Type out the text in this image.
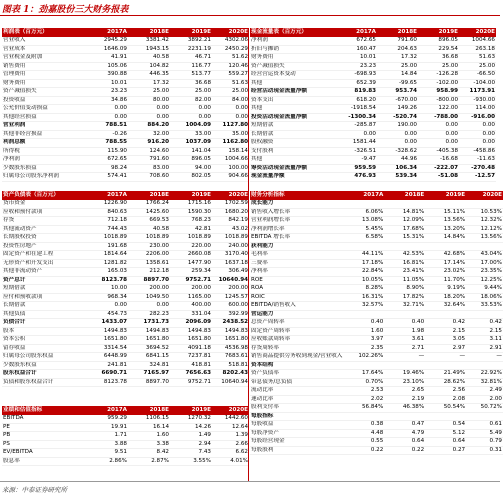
图表 1：劲嘉股份三大财务报表
利润表（百万元）	2017A	2018E	2019E	2020E
营业收入	2945.29	3381.42	3892.21	4302.06
营业成本	1646.09	1943.15	2231.19	2450.29
营业税金及附加	41.91	40.58	46.71	51.62
销售费用	105.06	104.82	116.77	120.46
管理费用	390.88	446.35	513.77	559.27
财务费用	10.01	17.32	36.68	51.63
资产减值损失	23.23	25.00	25.00	25.00
投资收益	34.86	80.00	82.00	84.00
公允价值变动损益	0.00	0.00	0.00	0.00
其他经营损益	0.00	0.00	0.00	0.00
营业利润	788.51	884.20	1004.09	1127.80
其他非经营损益	-0.26	32.00	33.00	35.00
利润总额	788.55	916.20	1037.09	1162.80
所得税	115.90	124.60	141.04	158.14
净利润	672.65	791.60	896.05	1004.66
少数股东损益	98.24	83.00	94.00	100.00
归属母公司股东净利润	574.41	708.60	802.05	904.66
现金流量表（百万元）	2017A	2018E	2019E	2020E
净利润	672.65	791.60	896.05	1004.66
折旧与摊销	160.47	204.63	229.54	263.18
财务费用	10.01	17.32	36.68	51.63
资产减值损失	23.23	25.00	25.00	25.00
经营营运资本变动	-698.93	14.84	-126.28	-66.50
其他	652.39	-99.65	-102.00	-104.00
经营活动现金流量净额	819.83	953.74	958.99	1173.91
资本支出	618.20	-670.00	-800.00	-930.00
其他	-1918.54	149.26	122.00	114.00
投资活动现金流量净额	-1300.34	-520.74	-788.00	-916.00
短期借款	-285.87	190.00	0.00	0.00
长期借款	0.00	0.00	0.00	0.00
股权融资	1581.44	0.00	0.00	0.00
支付股利	-326.51	-328.62	-405.38	-458.86
其他	-9.47	44.96	-16.68	-11.63
筹资活动现金流量净额	959.59	106.34	-222.07	-270.48
现金流量净额	476.93	539.34	-51.08	-12.57
资产负债表（百万元）	2017A	2018E	2019E	2020E
货币资金	1226.90	1766.24	1715.16	1702.59
应收和预付款项	840.63	1425.60	1590.30	1680.20
存货	712.18	669.53	768.23	842.19
其他流动资产	744.43	40.58	42.81	43.02
长期股权投资	1018.89	1018.89	1018.89	1018.89
投资性房地产	191.68	230.00	220.00	240.00
固定资产和在建工程	1814.64	2206.00	2660.08	3170.40
无形资产和开发支出	1281.82	1358.61	1477.90	1637.18
其他非流动资产	165.03	212.18	259.34	306.49
资产总计	8123.78	8897.70	9752.71	10640.94
短期借款	10.00	200.00	200.00	200.00
应付和预收款项	968.34	1049.50	1165.00	1245.57
长期借款	0.00	0.00	400.00	600.00
其他负债	454.73	282.23	331.04	392.99
负债合计	1433.07	1731.73	2096.09	2438.52
股本	1494.83	1494.83	1494.83	1494.83
资本公积	1651.80	1651.80	1651.80	1651.80
留存收益	3314.54	3694.52	4091.18	4536.98
归属母公司股东权益	6448.99	6841.15	7237.81	7683.61
少数股东权益	241.81	324.81	418.81	518.81
股东权益合计	6690.71	7165.97	7656.63	8202.43
负债和股东权益合计	8123.78	8897.70	9752.71	10640.94
财务分析指标	2017A	2018E	2019E	2020E
成长能力				
销售收入增长率	6.06%	14.81%	15.11%	10.53%
营业利润增长率	13.08%	12.09%	13.56%	12.32%
净利润增长率	5.45%	17.68%	13.20%	12.12%
EBITDA 增长率	6.58%	15.31%	14.84%	13.56%
获利能力				
毛利率	44.11%	42.53%	42.68%	43.04%
三费率	17.18%	16.81%	17.14%	17.00%
净利率	22.84%	23.41%	23.02%	23.35%
ROE	10.05%	11.05%	11.70%	12.25%
ROA	8.28%	8.90%	9.19%	9.44%
ROIC	16.31%	17.82%	18.20%	18.06%
EBITDA/销售收入	32.57%	32.71%	32.64%	33.53%
营运能力				
总资产周转率	0.40	0.40	0.42	0.42
固定资产周转率	1.60	1.98	2.15	2.15
应收账款周转率	3.97	3.61	3.05	3.11
存货周转率	2.35	2.71	2.97	2.91
销售商品提供劳务收到现金/营业收入	102.26%	—	—	—
资本结构				
资产负债率	17.64%	19.46%	21.49%	22.92%
带息债务/总负债	0.70%	23.10%	28.62%	32.81%
流动比率	2.53	2.65	2.56	2.49
速动比率	2.02	2.19	2.08	2.00
股利支付率	56.84%	46.38%	50.54%	50.72%
每股指标				
每股收益	0.38	0.47	0.54	0.61
每股净资产	4.48	4.79	5.12	5.49
每股经营现金	0.55	0.64	0.64	0.79
每股股利	0.22	0.22	0.27	0.31
业绩和估值指标	2017A	2018E	2019E	2020E
EBITDA	959.29	1106.15	1270.32	1442.60
PE	19.91	16.14	14.26	12.64
PB	1.71	1.60	1.49	1.39
PS	3.88	3.38	2.94	2.66
EV/EBITDA	9.51	8.42	7.43	6.62
股息率	2.86%	2.87%	3.55%	4.01%
来源：中泰证券研究所
